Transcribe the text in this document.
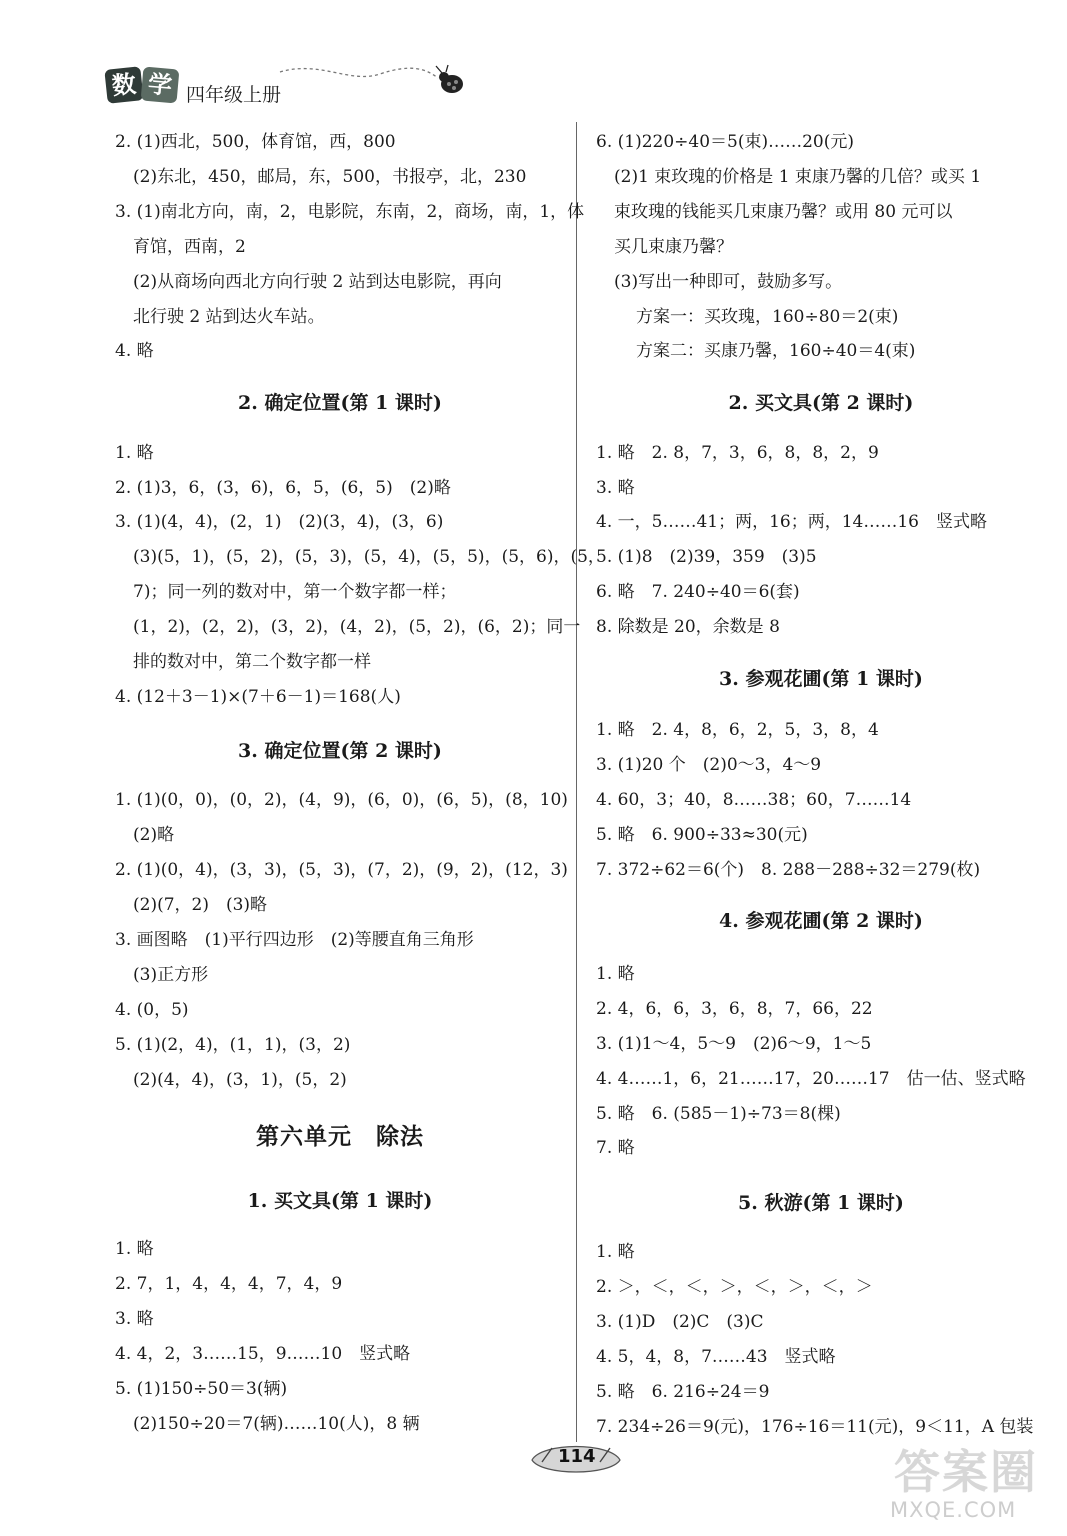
数 学 四年级上册
2. (1)西北，500，体育馆，西，800
(2)东北，450，邮局，东，500，书报亭，北，230
3. (1)南北方向，南，2，电影院，东南，2，商场，南，1，体
育馆，西南，2
(2)从商场向西北方向行驶 2 站到达电影院，再向
北行驶 2 站到达火车站。
4. 略
2. 确定位置(第 1 课时)
1. 略
2. (1)3，6，(3，6)，6，5，(6，5)　(2)略
3. (1)(4，4)，(2，1)　(2)(3，4)，(3，6)
(3)(5，1)，(5，2)，(5，3)，(5，4)，(5，5)，(5，6)，(5，
7)；同一列的数对中，第一个数字都一样；
(1，2)，(2，2)，(3，2)，(4，2)，(5，2)，(6，2)；同一
排的数对中，第二个数字都一样
4. (12＋3－1)×(7＋6－1)＝168(人)
3. 确定位置(第 2 课时)
1. (1)(0，0)，(0，2)，(4，9)，(6，0)，(6，5)，(8，10)
(2)略
2. (1)(0，4)，(3，3)，(5，3)，(7，2)，(9，2)，(12，3)
(2)(7，2)　(3)略
3. 画图略　(1)平行四边形　(2)等腰直角三角形
(3)正方形
4. (0，5)
5. (1)(2，4)，(1，1)，(3，2)
(2)(4，4)，(3，1)，(5，2)
第六单元　除法
1. 买文具(第 1 课时)
1. 略
2. 7，1，4，4，4，7，4，9
3. 略
4. 4，2，3……15，9……10　竖式略
5. (1)150÷50＝3(辆)
(2)150÷20＝7(辆)……10(人)，8 辆
6. (1)220÷40＝5(束)……20(元)
(2)1 束玫瑰的价格是 1 束康乃馨的几倍？或买 1
束玫瑰的钱能买几束康乃馨？或用 80 元可以
买几束康乃馨？
(3)写出一种即可，鼓励多写。
方案一：买玫瑰，160÷80＝2(束)
方案二：买康乃馨，160÷40＝4(束)
2. 买文具(第 2 课时)
1. 略　2. 8，7，3，6，8，8，2，9
3. 略
4. 一，5……41；两，16；两，14……16　竖式略
5. (1)8　(2)39，359　(3)5
6. 略　7. 240÷40＝6(套)
8. 除数是 20，余数是 8
3. 参观花圃(第 1 课时)
1. 略　2. 4，8，6，2，5，3，8，4
3. (1)20 个　(2)0～3，4～9
4. 60，3；40，8……38；60，7……14
5. 略　6. 900÷33≈30(元)
7. 372÷62＝6(个)　8. 288－288÷32＝279(枚)
4. 参观花圃(第 2 课时)
1. 略
2. 4，6，6，3，6，8，7，66，22
3. (1)1～4，5～9　(2)6～9，1～5
4. 4……1，6，21……17，20……17　估一估、竖式略
5. 略　6. (585－1)÷73＝8(棵)
7. 略
5. 秋游(第 1 课时)
1. 略
2. ＞，＜，＜，＞，＜，＞，＜，＞
3. (1)D　(2)C　(3)C
4. 5，4，8，7……43　竖式略
5. 略　6. 216÷24＝9
7. 234÷26＝9(元)，176÷16＝11(元)，9＜11，A 包装
114	答案圈
MXQE.COM
